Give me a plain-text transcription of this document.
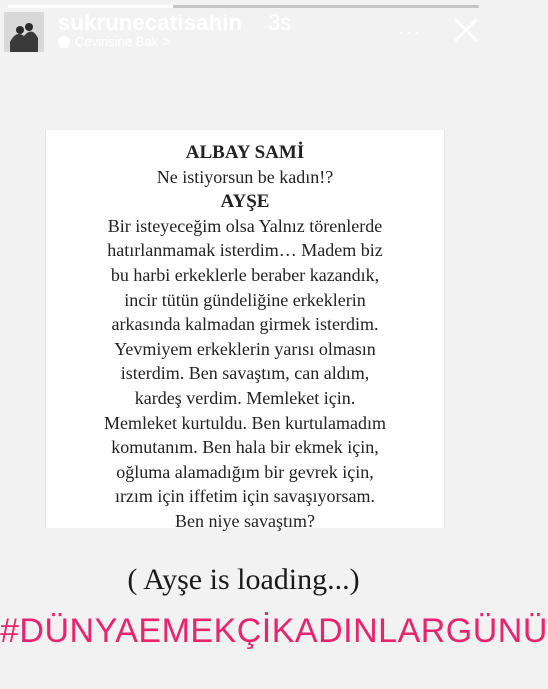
sukrunecatisahin 3s	...
Çevirisine Bak >
ALBAY SAMİ
Ne istiyorsun be kadın!?
AYŞE
Bir isteyeceğim olsa Yalnız törenlerde
hatırlanmamak isterdim… Madem biz
bu harbi erkeklerle beraber kazandık,
incir tütün gündeliğine erkeklerin
arkasında kalmadan girmek isterdim.
Yevmiyem erkeklerin yarısı olmasın
isterdim. Ben savaştım, can aldım,
kardeş verdim. Memleket için.
Memleket kurtuldu. Ben kurtulamadım
komutanım. Ben hala bir ekmek için,
oğluma alamadığım bir gevrek için,
ırzım için iffetim için savaşıyorsam.
Ben niye savaştım?
( Ayşe is loading...)
#DÜNYAEMEKÇİKADINLARGÜNÜ
